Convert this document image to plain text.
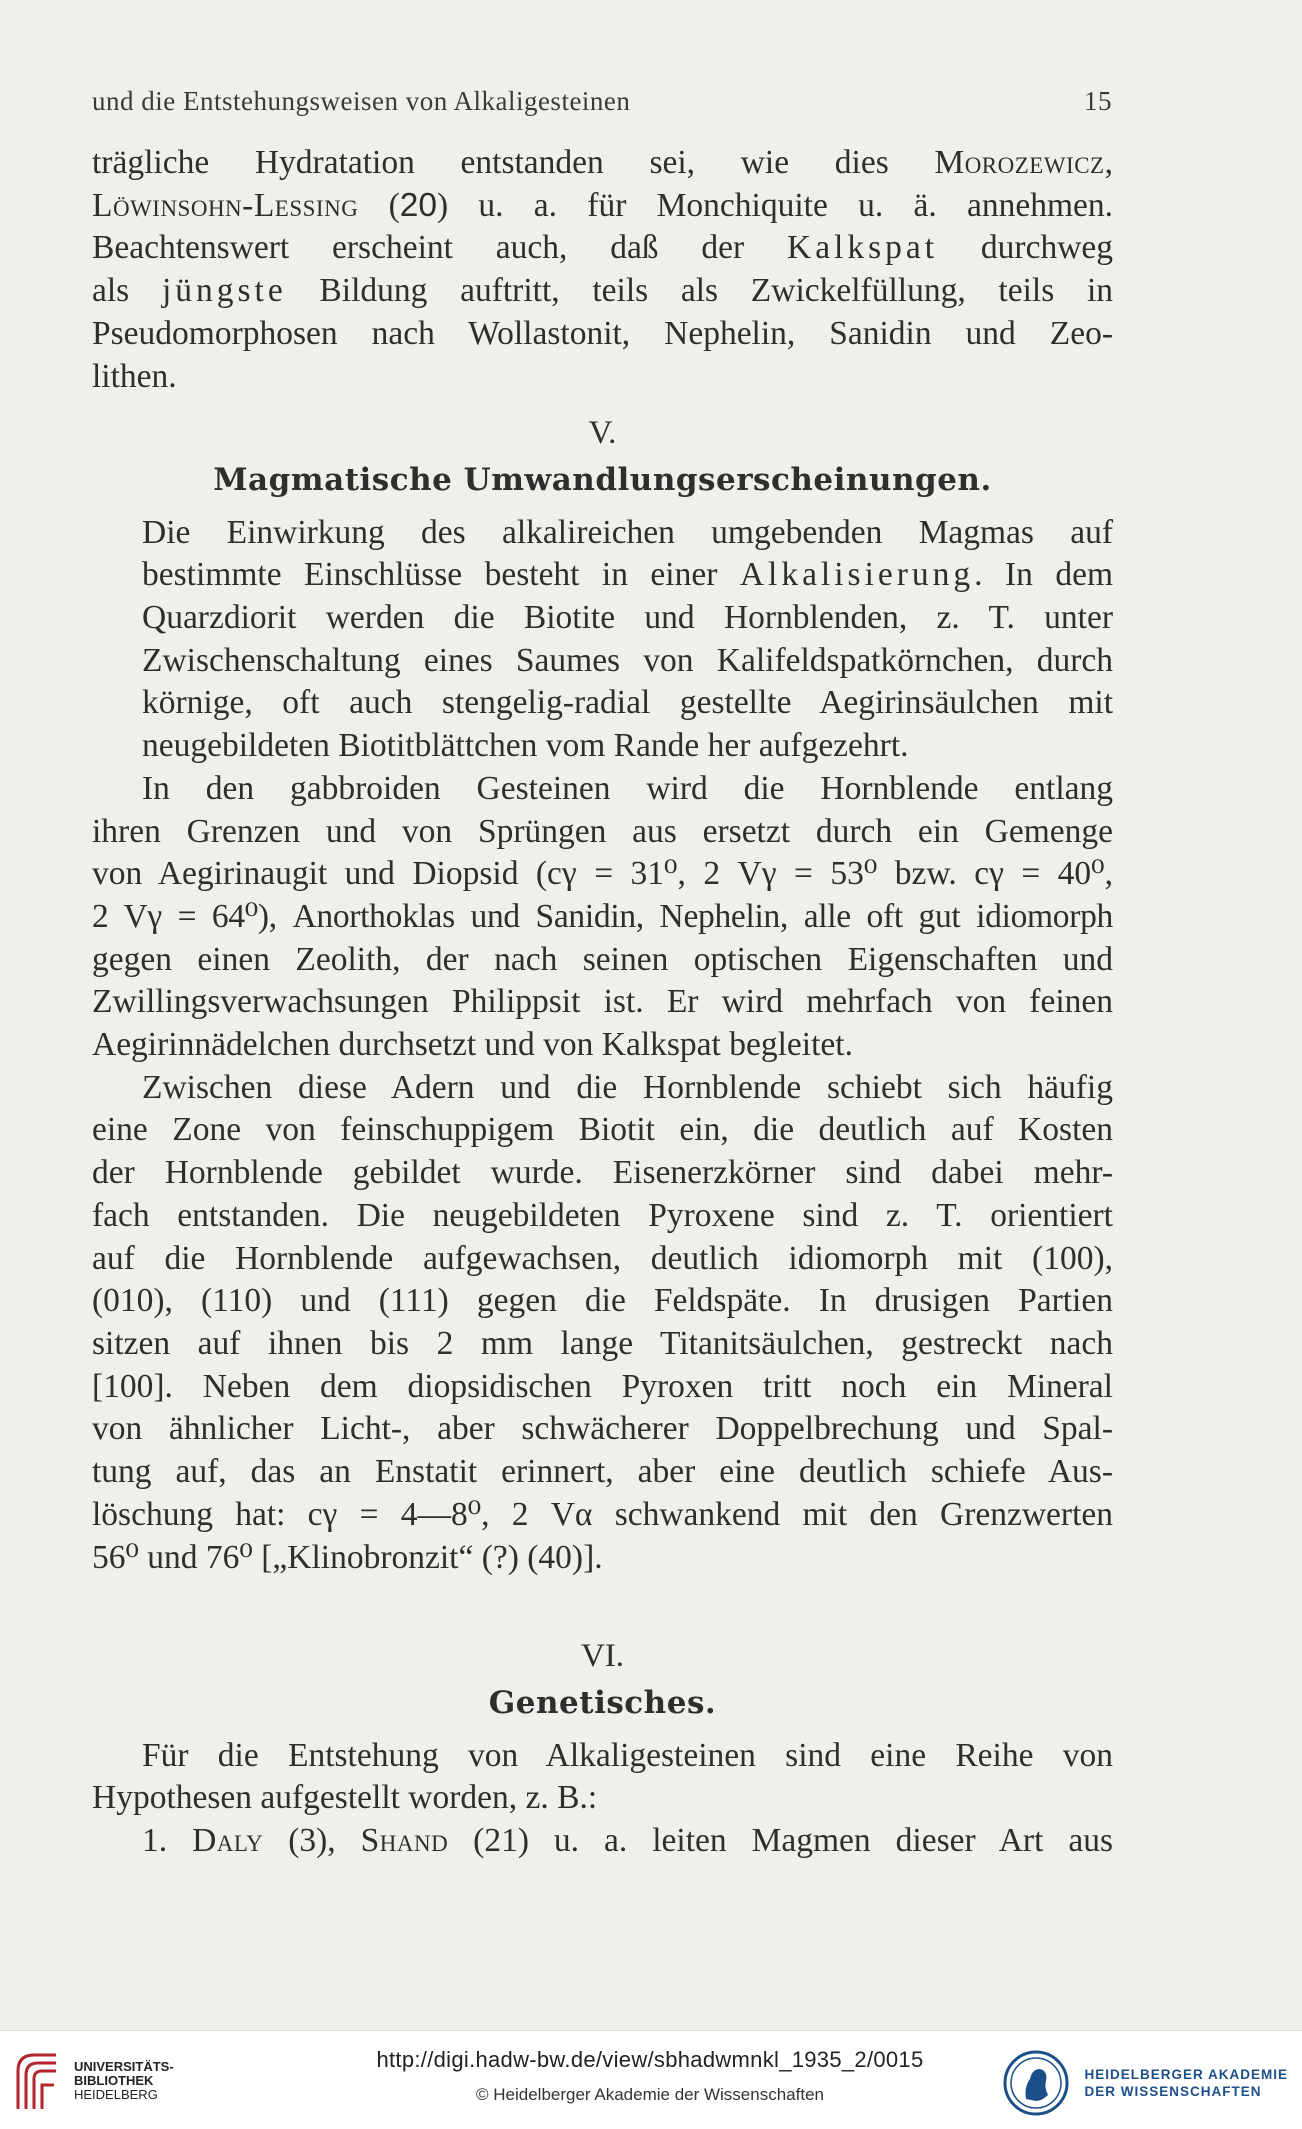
und die Entstehungsweisen von Alkaligesteinen	15

trägliche Hydratation entstanden sei, wie dies Morozewicz,
Löwinsohn-Lessing (20) u. a. für Monchiquite u. ä. annehmen.
Beachtenswert erscheint auch, daß der Kalkspat durchweg
als jüngste Bildung auftritt, teils als Zwickelfüllung, teils in
Pseudomorphosen nach Wollastonit, Nephelin, Sanidin und Zeo-
lithen.

V.
Magmatische Umwandlungserscheinungen.

Die Einwirkung des alkalireichen umgebenden Magmas auf
bestimmte Einschlüsse besteht in einer Alkalisierung. In dem
Quarzdiorit werden die Biotite und Hornblenden, z. T. unter
Zwischenschaltung eines Saumes von Kalifeldspatkörnchen, durch
körnige, oft auch stengelig-radial gestellte Aegirinsäulchen mit
neugebildeten Biotitblättchen vom Rande her aufgezehrt.

In den gabbroiden Gesteinen wird die Hornblende entlang
ihren Grenzen und von Sprüngen aus ersetzt durch ein Gemenge
von Aegirinaugit und Diopsid (cγ = 31⁰, 2 Vγ = 53⁰ bzw. cγ = 40⁰,
2 Vγ = 64⁰), Anorthoklas und Sanidin, Nephelin, alle oft gut idiomorph
gegen einen Zeolith, der nach seinen optischen Eigenschaften und
Zwillingsverwachsungen Philippsit ist. Er wird mehrfach von feinen
Aegirinnädelchen durchsetzt und von Kalkspat begleitet.

Zwischen diese Adern und die Hornblende schiebt sich häufig
eine Zone von feinschuppigem Biotit ein, die deutlich auf Kosten
der Hornblende gebildet wurde. Eisenerzkörner sind dabei mehr-
fach entstanden. Die neugebildeten Pyroxene sind z. T. orientiert
auf die Hornblende aufgewachsen, deutlich idiomorph mit (100),
(010), (110) und (111) gegen die Feldspäte. In drusigen Partien
sitzen auf ihnen bis 2 mm lange Titanitsäulchen, gestreckt nach
[100]. Neben dem diopsidischen Pyroxen tritt noch ein Mineral
von ähnlicher Licht-, aber schwächerer Doppelbrechung und Spal-
tung auf, das an Enstatit erinnert, aber eine deutlich schiefe Aus-
löschung hat: cγ = 4—8⁰, 2 Vα schwankend mit den Grenzwerten
56⁰ und 76⁰ [„Klinobronzit“ (?) (40)].

VI.
Genetisches.

Für die Entstehung von Alkaligesteinen sind eine Reihe von
Hypothesen aufgestellt worden, z. B.:
1. Daly (3), Shand (21) u. a. leiten Magmen dieser Art aus

UNIVERSITÄTS-
BIBLIOTHEK
HEIDELBERG
http://digi.hadw-bw.de/view/sbhadwmnkl_1935_2/0015
© Heidelberger Akademie der Wissenschaften
HEIDELBERGER AKADEMIE
DER WISSENSCHAFTEN
